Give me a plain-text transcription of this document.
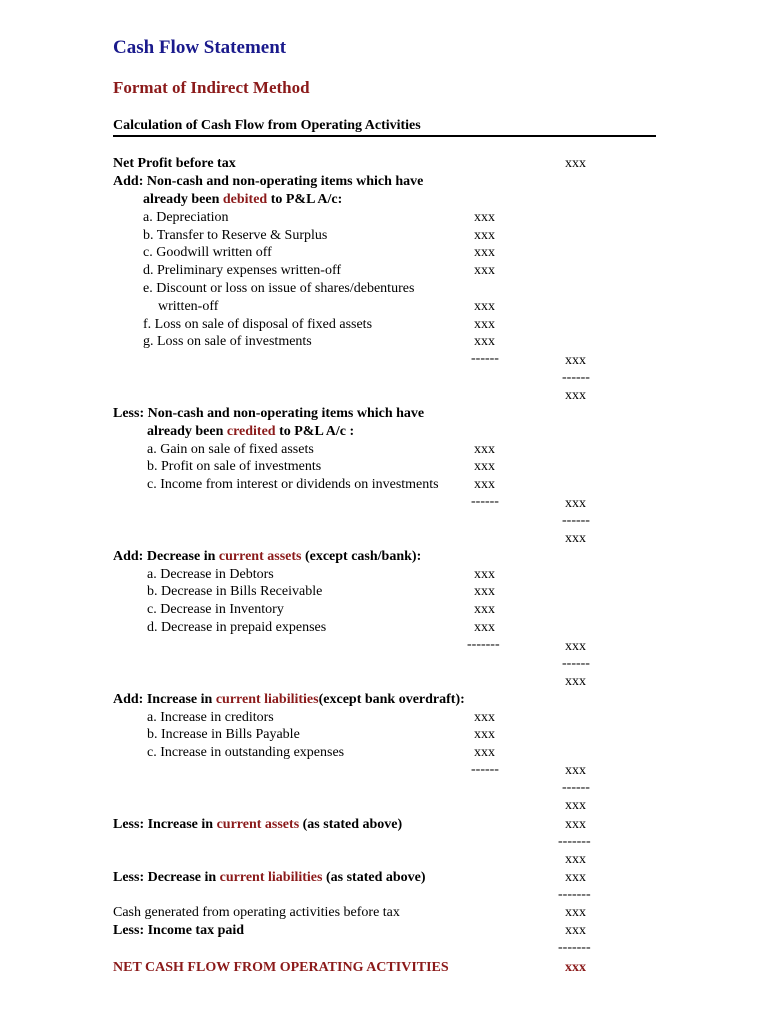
Cash Flow Statement
Format of Indirect Method
Calculation of Cash Flow from Operating Activities
Net Profit before tax
Add: Non-cash and non-operating items which have
already been debited to P&L A/c:
a. Depreciation
b. Transfer to Reserve & Surplus
c. Goodwill written off
d. Preliminary expenses written-off
e. Discount or loss on issue of shares/debentures
written-off
f. Loss on sale of disposal of fixed assets
g. Loss on sale of investments
Less: Non-cash and non-operating items which have
already been credited to P&L A/c :
a. Gain on sale of fixed assets
b. Profit on sale of investments
c. Income from interest or dividends on investments
Add: Decrease in current assets (except cash/bank):
a. Decrease in Debtors
b. Decrease in Bills Receivable
c. Decrease in Inventory
d. Decrease in prepaid expenses
Add: Increase in current liabilities(except bank overdraft):
a. Increase in creditors
b. Increase in Bills Payable
c. Increase in outstanding expenses
Less: Increase in current assets (as stated above)
Less: Decrease in current liabilities (as stated above)
Cash generated from operating activities before tax
Less: Income tax paid
NET CASH FLOW FROM OPERATING ACTIVITIES
xxx
xxx
xxx
xxx
xxx
xxx
xxx
------
xxx
xxx
xxx
------
xxx
xxx
xxx
xxx
-------
xxx
xxx
xxx
------
xxx
xxx
------
xxx
xxx
------
xxx
xxx
------
xxx
xxx
------
xxx
xxx
-------
xxx
xxx
-------
xxx
xxx
-------
xxx
